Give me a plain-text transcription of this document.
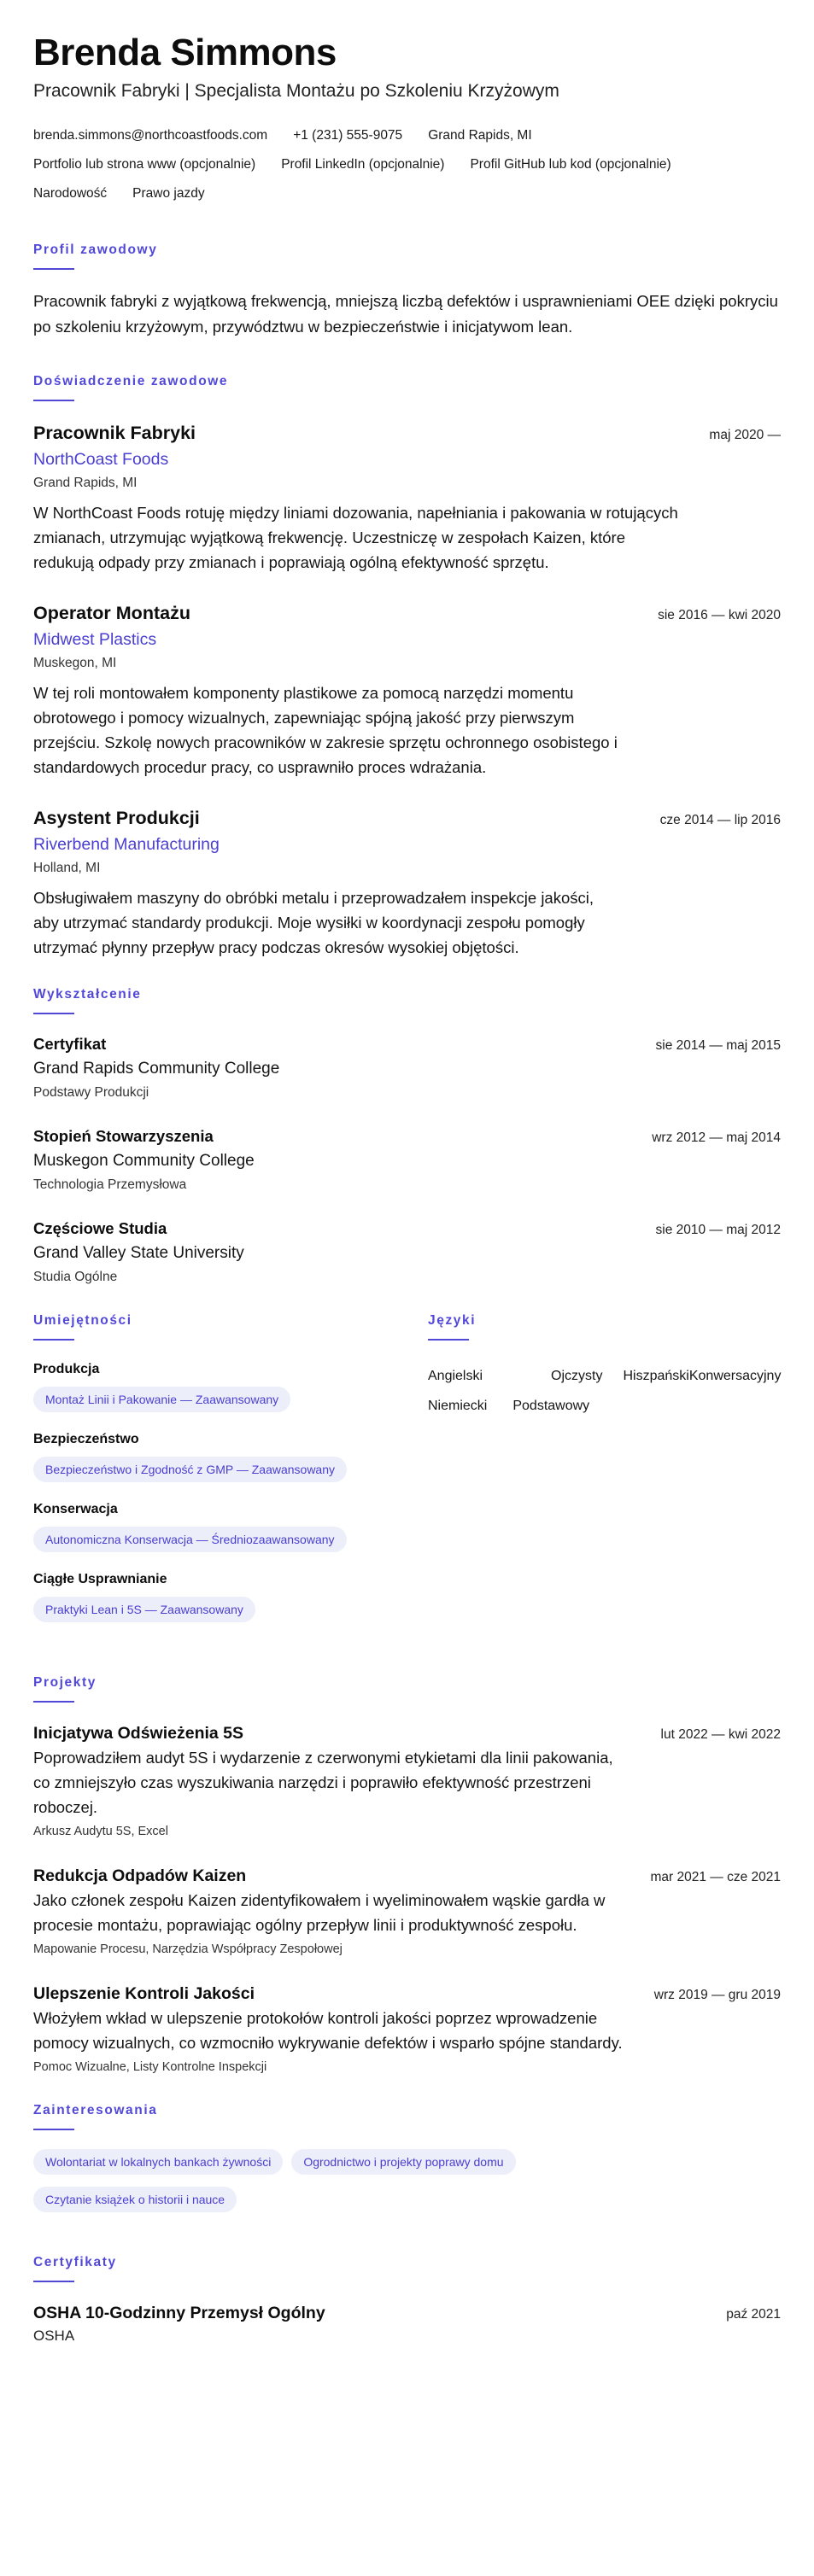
Brenda Simmons
Pracownik Fabryki | Specjalista Montażu po Szkoleniu Krzyżowym
brenda.simmons@northcoastfoods.com +1 (231) 555-9075 Grand Rapids, MI
Portfolio lub strona www (opcjonalnie) Profil LinkedIn (opcjonalnie) Profil GitHub lub kod (opcjonalnie)
Narodowość Prawo jazdy
Profil zawodowy

Pracownik fabryki z wyjątkową frekwencją, mniejszą liczbą defektów i usprawnieniami OEE dzięki pokryciu po szkoleniu krzyżowym, przywództwu w bezpieczeństwie i inicjatywom lean.

Doświadczenie zawodowe
Pracownik Fabryki	maj 2020 —
NorthCoast Foods
Grand Rapids, MI

W NorthCoast Foods rotuję między liniami dozowania, napełniania i pakowania w rotujących zmianach, utrzymując wyjątkową frekwencję. Uczestniczę w zespołach Kaizen, które redukują odpady przy zmianach i poprawiają ogólną efektywność sprzętu.

Operator Montażu	sie 2016 — kwi 2020
Midwest Plastics
Muskegon, MI

W tej roli montowałem komponenty plastikowe za pomocą narzędzi momentu obrotowego i pomocy wizualnych, zapewniając spójną jakość przy pierwszym przejściu. Szkolę nowych pracowników w zakresie sprzętu ochronnego osobistego i standardowych procedur pracy, co usprawniło proces wdrażania.

Asystent Produkcji	cze 2014 — lip 2016
Riverbend Manufacturing
Holland, MI

Obsługiwałem maszyny do obróbki metalu i przeprowadzałem inspekcje jakości, aby utrzymać standardy produkcji. Moje wysiłki w koordynacji zespołu pomogły utrzymać płynny przepływ pracy podczas okresów wysokiej objętości.

Wykształcenie
Certyfikat	sie 2014 — maj 2015
Grand Rapids Community College
Podstawy Produkcji
Stopień Stowarzyszenia	wrz 2012 — maj 2014
Muskegon Community College
Technologia Przemysłowa
Częściowe Studia	sie 2010 — maj 2012
Grand Valley State University
Studia Ogólne
Umiejętności
Produkcja
Montaż Linii i Pakowanie — Zaawansowany
Bezpieczeństwo
Bezpieczeństwo i Zgodność z GMP — Zaawansowany
Konserwacja
Autonomiczna Konserwacja — Średniozaawansowany
Ciągłe Usprawnianie
Praktyki Lean i 5S — Zaawansowany
Języki
Angielski	Ojczysty Hiszpański Konwersacyjny
Niemiecki Podstawowy
Projekty
Inicjatywa Odświeżenia 5S	lut 2022 — kwi 2022

Poprowadziłem audyt 5S i wydarzenie z czerwonymi etykietami dla linii pakowania, co zmniejszyło czas wyszukiwania narzędzi i poprawiło efektywność przestrzeni roboczej.

Arkusz Audytu 5S, Excel
Redukcja Odpadów Kaizen	mar 2021 — cze 2021

Jako członek zespołu Kaizen zidentyfikowałem i wyeliminowałem wąskie gardła w procesie montażu, poprawiając ogólny przepływ linii i produktywność zespołu.

Mapowanie Procesu, Narzędzia Współpracy Zespołowej
Ulepszenie Kontroli Jakości	wrz 2019 — gru 2019

Włożyłem wkład w ulepszenie protokołów kontroli jakości poprzez wprowadzenie pomocy wizualnych, co wzmocniło wykrywanie defektów i wsparło spójne standardy.

Pomoc Wizualne, Listy Kontrolne Inspekcji
Zainteresowania
Wolontariat w lokalnych bankach żywności	Ogrodnictwo i projekty poprawy domu
Czytanie książek o historii i nauce
Certyfikaty
OSHA 10-Godzinny Przemysł Ogólny	paź 2021
OSHA
